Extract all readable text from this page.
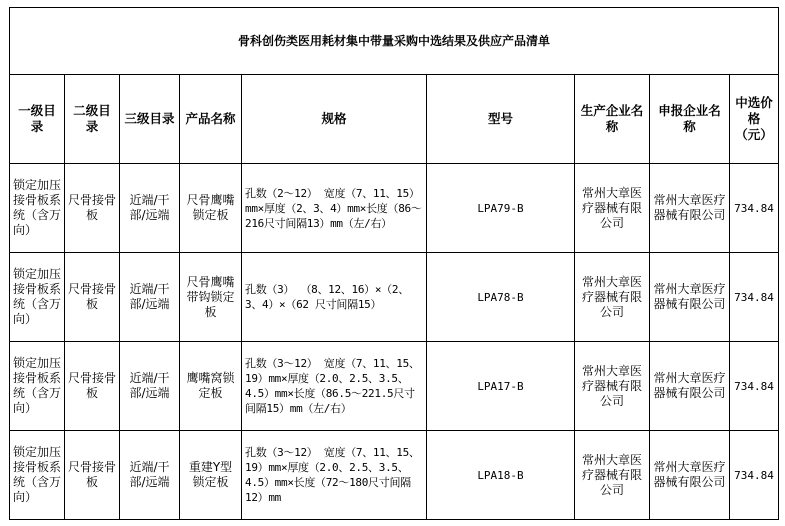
骨科创伤类医用耗材集中带量采购中选结果及供应产品清单								
一级目录	二级目录	三级目录	产品名称	规格	型号	生产企业名称	申报企业名称	中选价格（元）
锁定加压接骨板系统（含万向）	尺骨接骨板	近端/干部/远端	尺骨鹰嘴锁定板	孔数（2～12） 宽度（7、11、15）mm×厚度（2、3、4）mm×长度（86～216尺寸间隔13）mm（左/右）	LPA79-B	常州大章医疗器械有限公司	常州大章医疗器械有限公司	734.84
锁定加压接骨板系统（含万向）	尺骨接骨板	近端/干部/远端	尺骨鹰嘴带钩锁定板	孔数（3） （8、12、16）×（2、3、4）×（62 尺寸间隔15）	LPA78-B	常州大章医疗器械有限公司	常州大章医疗器械有限公司	734.84
锁定加压接骨板系统（含万向）	尺骨接骨板	近端/干部/远端	鹰嘴窝锁定板	孔数（3～12） 宽度（7、11、15、19）mm×厚度（2.0、2.5、3.5、4.5）mm×长度（86.5～221.5尺寸间隔15）mm（左/右）	LPA17-B	常州大章医疗器械有限公司	常州大章医疗器械有限公司	734.84
锁定加压接骨板系统（含万向）	尺骨接骨板	近端/干部/远端	重建Y型锁定板	孔数（3～12） 宽度（7、11、15、19）mm×厚度（2.0、2.5、3.5、4.5）mm×长度（72～180尺寸间隔12）mm	LPA18-B	常州大章医疗器械有限公司	常州大章医疗器械有限公司	734.84
